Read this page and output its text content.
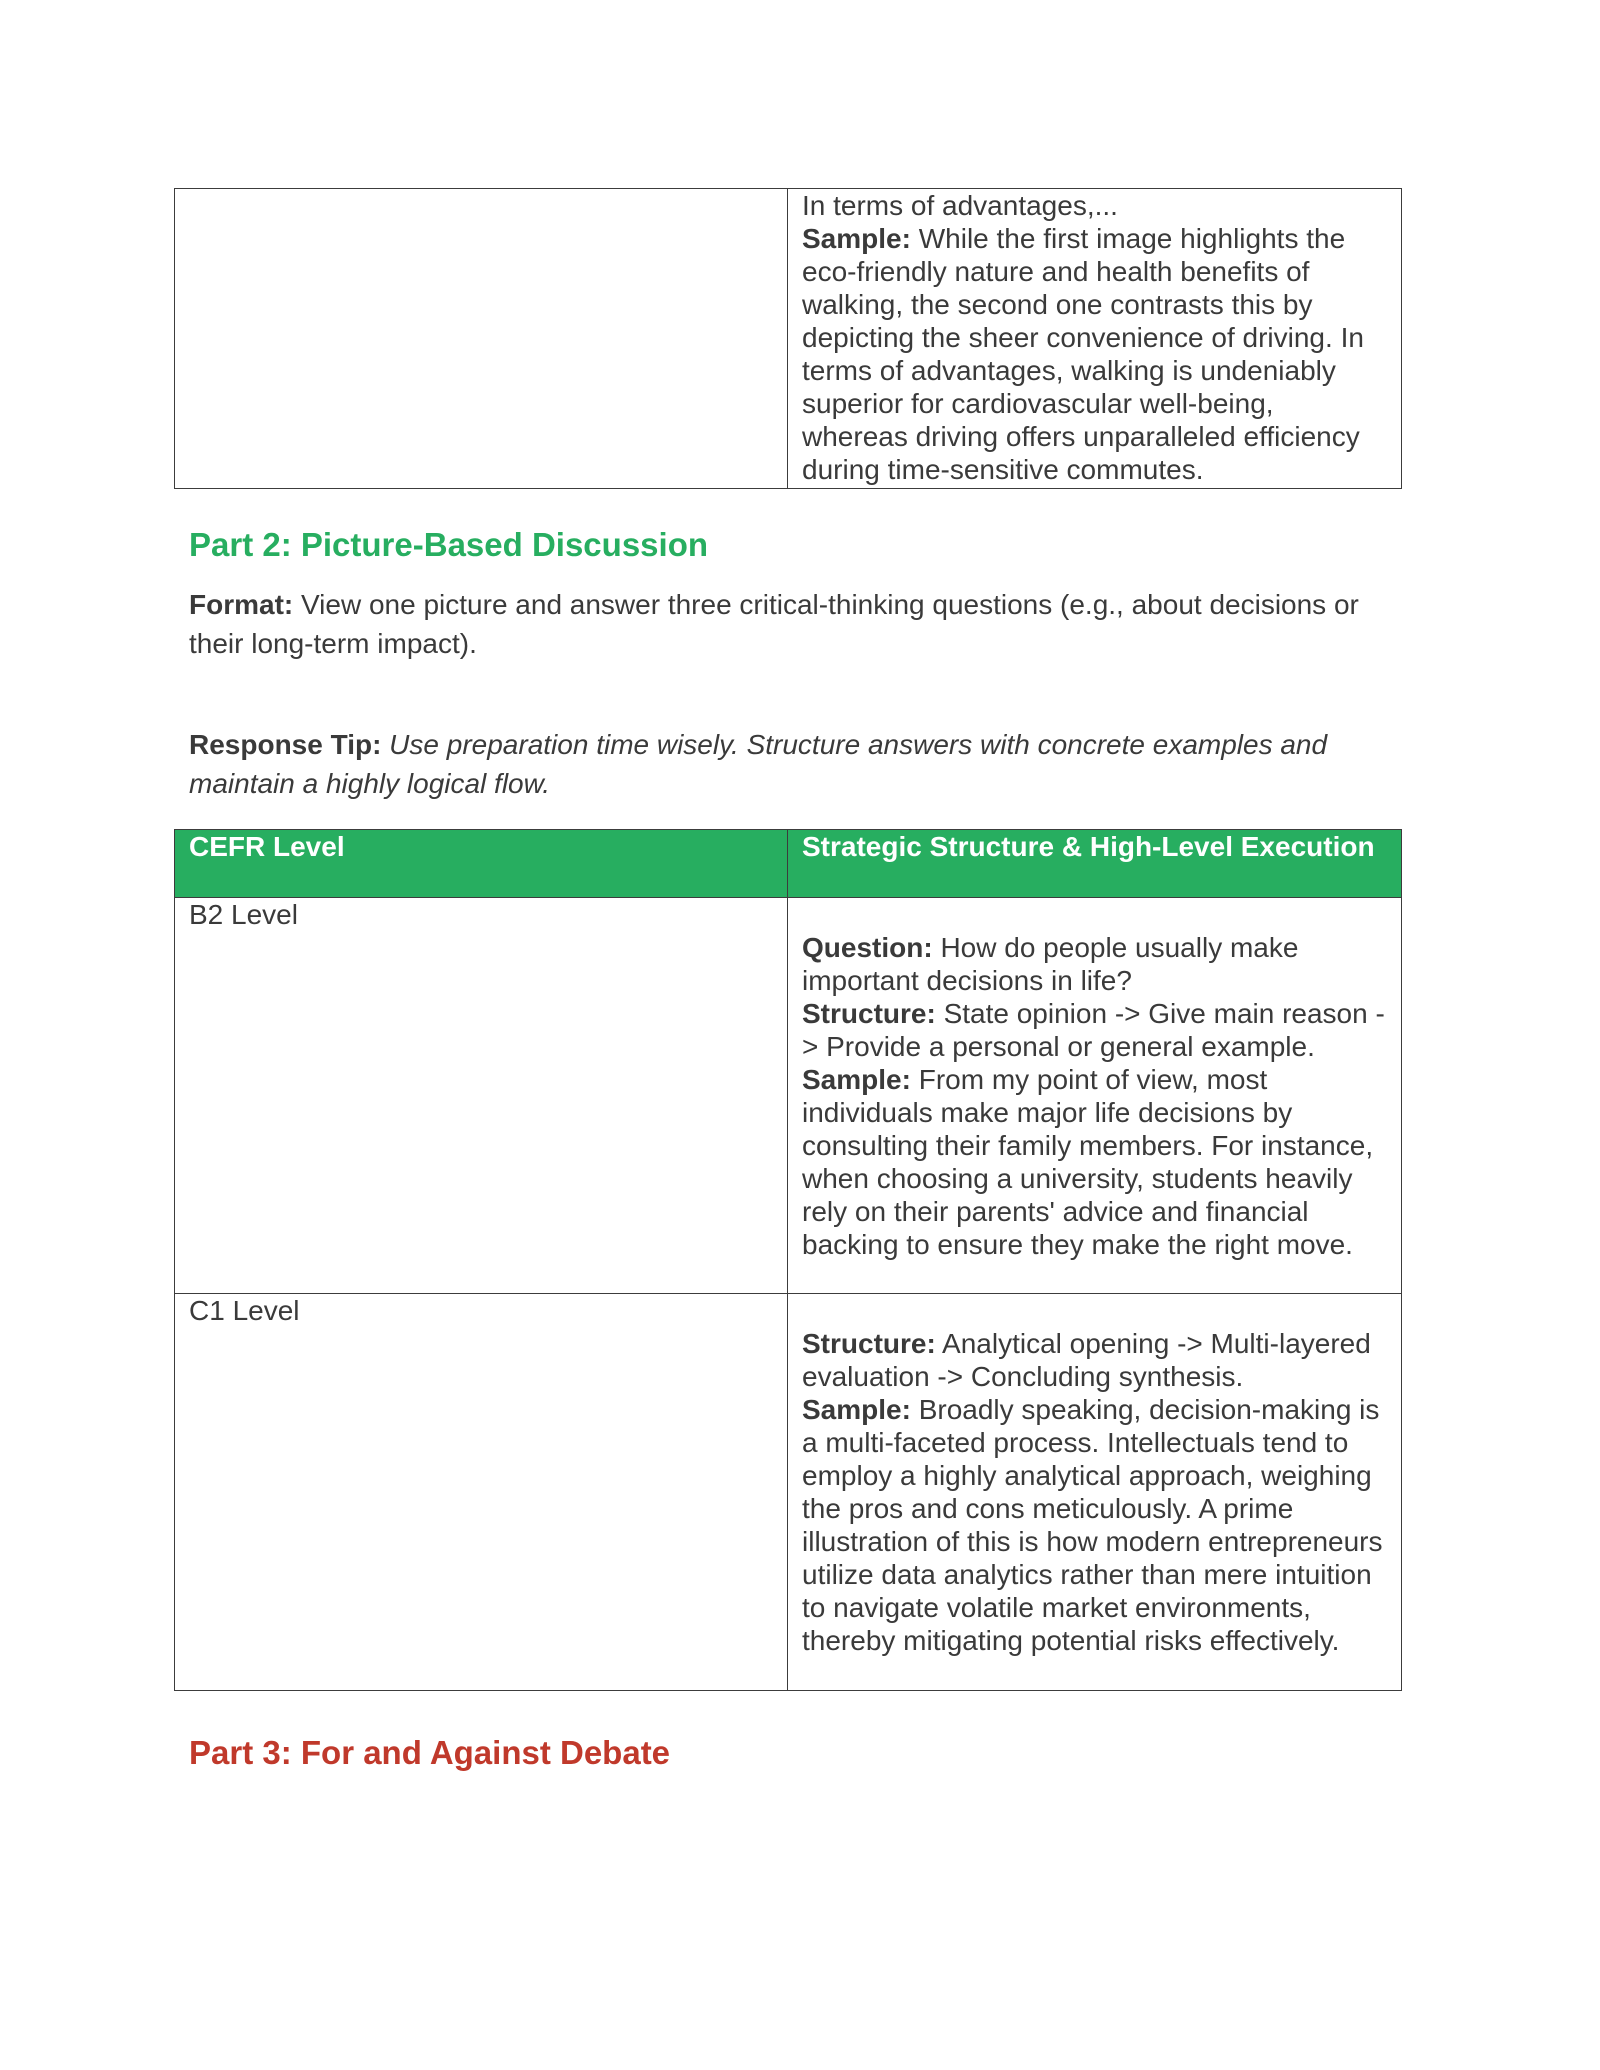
	In terms of advantages,...
Sample: While the first image highlights the eco-friendly nature and health benefits of walking, the second one contrasts this by depicting the sheer convenience of driving. In terms of advantages, walking is undeniably superior for cardiovascular well-being, whereas driving offers unparalleled efficiency during time-sensitive commutes.
Part 2: Picture-Based Discussion

Format: View one picture and answer three critical-thinking questions (e.g., about decisions or their long-term impact).

Response Tip: Use preparation time wisely. Structure answers with concrete examples and maintain a highly logical flow.

CEFR Level	Strategic Structure & High-Level Execution
B2 Level	Question: How do people usually make important decisions in life?
Structure: State opinion -> Give main reason -> Provide a personal or general example.
Sample: From my point of view, most individuals make major life decisions by consulting their family members. For instance, when choosing a university, students heavily rely on their parents' advice and financial backing to ensure they make the right move.
C1 Level	Structure: Analytical opening -> Multi-layered evaluation -> Concluding synthesis.
Sample: Broadly speaking, decision-making is a multi-faceted process. Intellectuals tend to employ a highly analytical approach, weighing the pros and cons meticulously. A prime illustration of this is how modern entrepreneurs utilize data analytics rather than mere intuition to navigate volatile market environments, thereby mitigating potential risks effectively.
Part 3: For and Against Debate
